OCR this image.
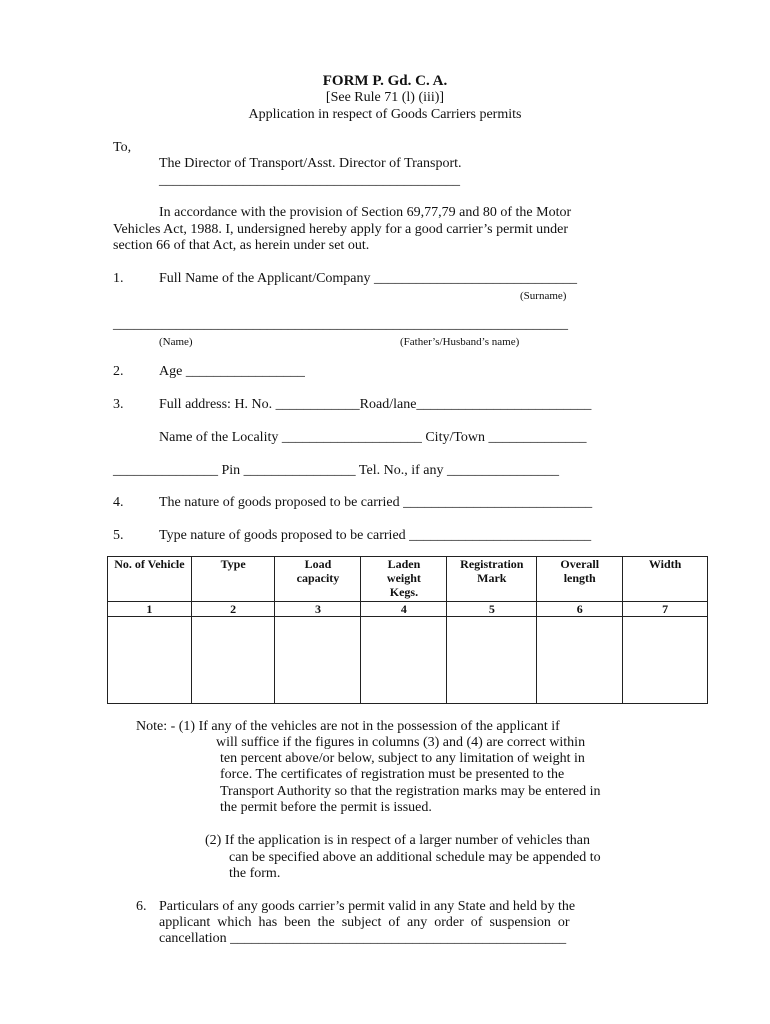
FORM P. Gd. C. A.
[See Rule 71 (l) (iii)]
Application in respect of Goods Carriers permits
To,
The Director of Transport/Asst. Director of Transport.
___________________________________________
In accordance with the provision of Section 69,77,79 and 80 of the Motor
Vehicles Act, 1988. I, undersigned hereby apply for a good carrier’s permit under
section 66 of that Act, as herein under set out.
1.	Full Name of the Applicant/Company _____________________________
(Surname)
_________________________________________________________________
(Name)	(Father’s/Husband’s name)
2.	Age _________________
3.	Full address: H. No. ____________Road/lane_________________________
Name of the Locality ____________________ City/Town ______________
_______________ Pin ________________ Tel. No., if any ________________
4.	The nature of goods proposed to be carried ___________________________
5.	Type nature of goods proposed to be carried __________________________
No. of Vehicle	Type	Load capacity	Laden weight Kegs.	Registration Mark	Overall length	Width

1	2	3	4	5	6	7

Note: - (1) If any of the vehicles are not in the possession of the applicant if
will suffice if the figures in columns (3) and (4) are correct within
ten percent above/or below, subject to any limitation of weight in
force. The certificates of registration must be presented to the
Transport Authority so that the registration marks may be entered in
the permit before the permit is issued.
(2) If the application is in respect of a larger number of vehicles than
can be specified above an additional schedule may be appended to
the form.
6. Particulars of any goods carrier’s permit valid in any State and held by the
applicant  which  has  been  the  subject  of  any  order  of  suspension  or
cancellation ________________________________________________
